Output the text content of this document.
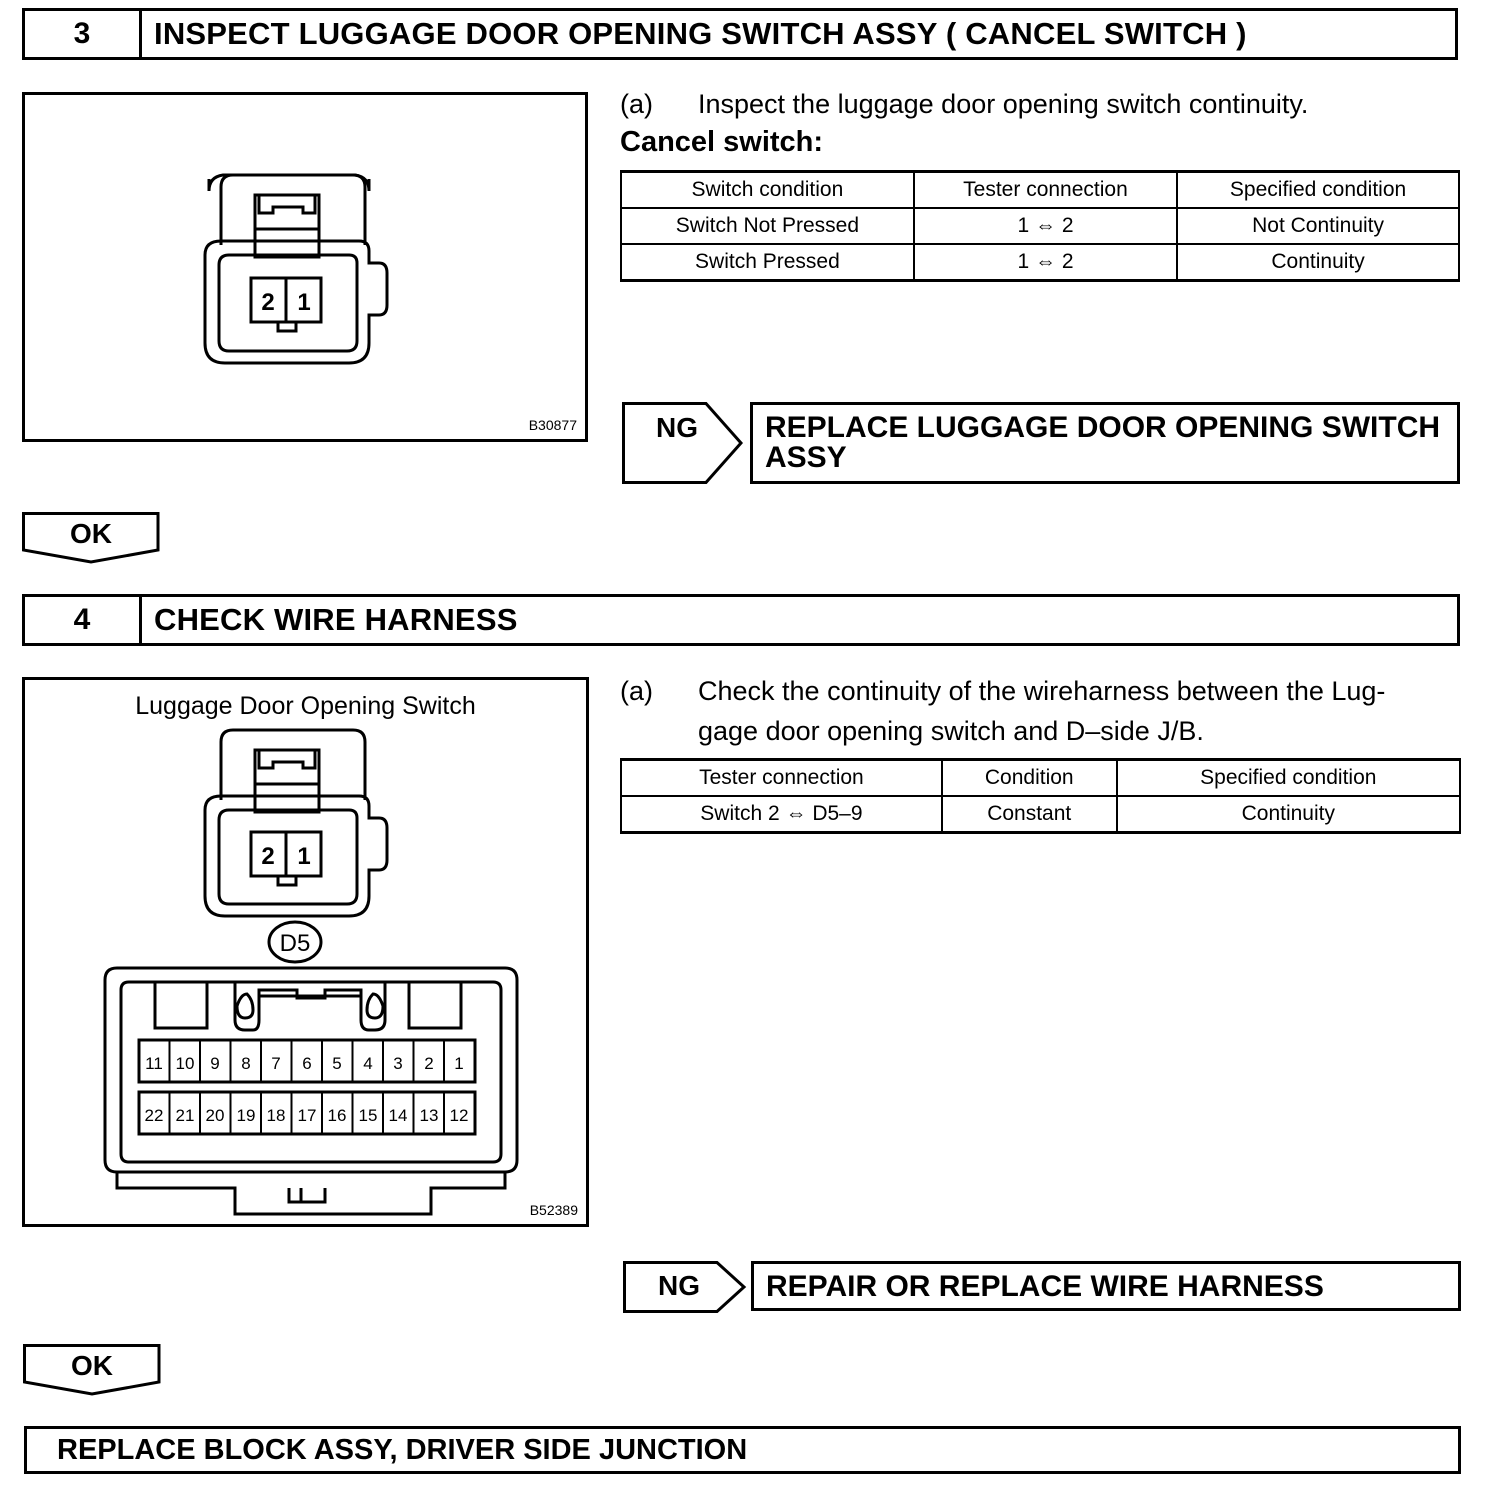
3	INSPECT LUGGAGE DOOR OPENING SWITCH ASSY ( CANCEL SWITCH )
2 1
B30877
(a) Inspect the luggage door opening switch continuity.
Cancel switch:
Switch condition	Tester connection	Specified condition
Switch Not Pressed	1 ⇔ 2	Not Continuity
Switch Pressed	1 ⇔ 2	Continuity
NG	REPLACE LUGGAGE DOOR OPENING SWITCH
ASSY
OK
4	CHECK WIRE HARNESS
Luggage Door Opening Switch
2 1
D5
11 10 9 8 7 6 5 4 3 2 1
22 21 20 19 18 17 16 15 14 13 12
B52389
(a) Check the continuity of the wireharness between the Lug-
gage door opening switch and D–side J/B.
Tester connection	Condition	Specified condition
Switch 2 ⇔ D5–9	Constant	Continuity
NG	REPAIR OR REPLACE WIRE HARNESS
OK
REPLACE BLOCK ASSY, DRIVER SIDE JUNCTION
